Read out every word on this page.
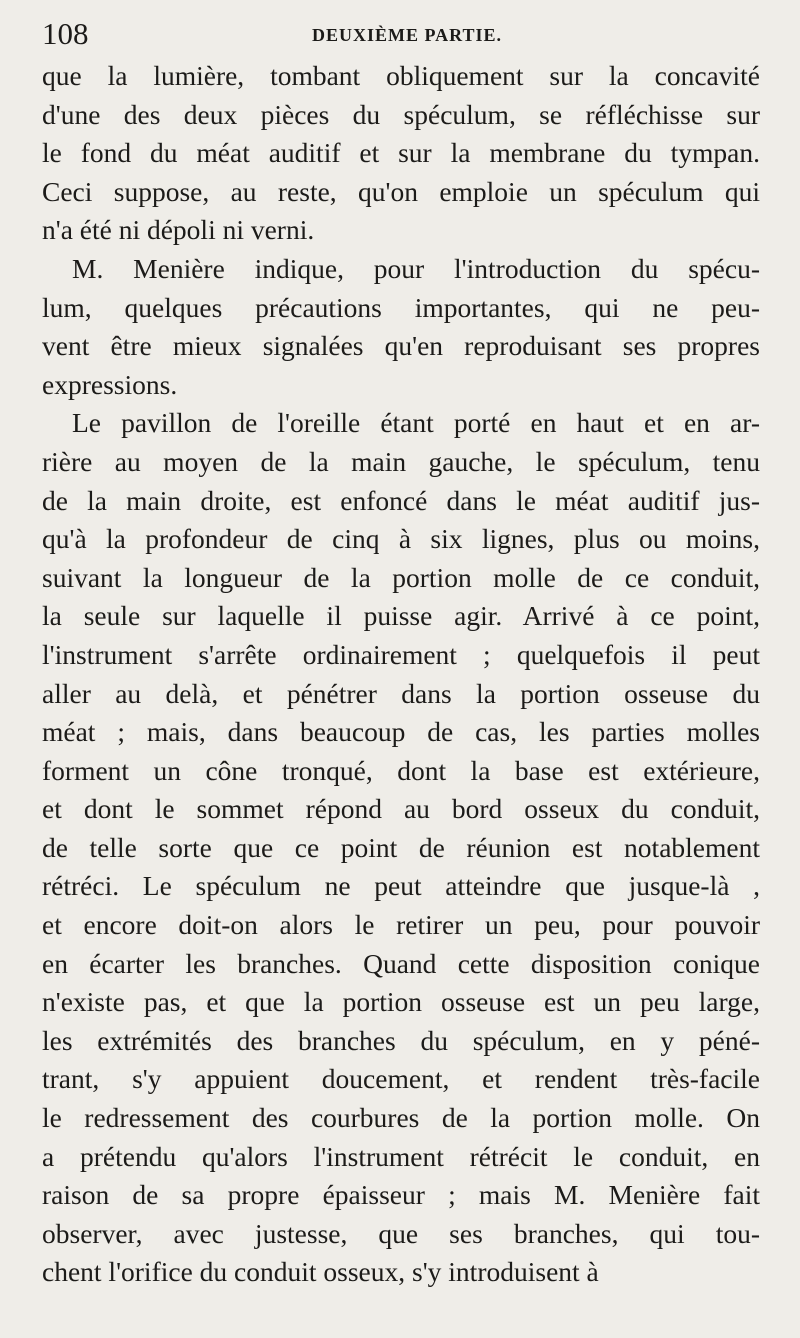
108	DEUXIÈME PARTIE.
que la lumière, tombant obliquement sur la concavité
d'une des deux pièces du spéculum, se réfléchisse sur
le fond du méat auditif et sur la membrane du tympan.
Ceci suppose, au reste, qu'on emploie un spéculum qui
n'a été ni dépoli ni verni.
M. Menière indique, pour l'introduction du spécu-
lum, quelques précautions importantes, qui ne peu-
vent être mieux signalées qu'en reproduisant ses propres
expressions.
Le pavillon de l'oreille étant porté en haut et en ar-
rière au moyen de la main gauche, le spéculum, tenu
de la main droite, est enfoncé dans le méat auditif jus-
qu'à la profondeur de cinq à six lignes, plus ou moins,
suivant la longueur de la portion molle de ce conduit,
la seule sur laquelle il puisse agir. Arrivé à ce point,
l'instrument s'arrête ordinairement ; quelquefois il peut
aller au delà, et pénétrer dans la portion osseuse du
méat ; mais, dans beaucoup de cas, les parties molles
forment un cône tronqué, dont la base est extérieure,
et dont le sommet répond au bord osseux du conduit,
de telle sorte que ce point de réunion est notablement
rétréci. Le spéculum ne peut atteindre que jusque-là ,
et encore doit-on alors le retirer un peu, pour pouvoir
en écarter les branches. Quand cette disposition conique
n'existe pas, et que la portion osseuse est un peu large,
les extrémités des branches du spéculum, en y péné-
trant, s'y appuient doucement, et rendent très-facile
le redressement des courbures de la portion molle. On
a prétendu qu'alors l'instrument rétrécit le conduit, en
raison de sa propre épaisseur ; mais M. Menière fait
observer, avec justesse, que ses branches, qui tou-
chent l'orifice du conduit osseux, s'y introduisent à
